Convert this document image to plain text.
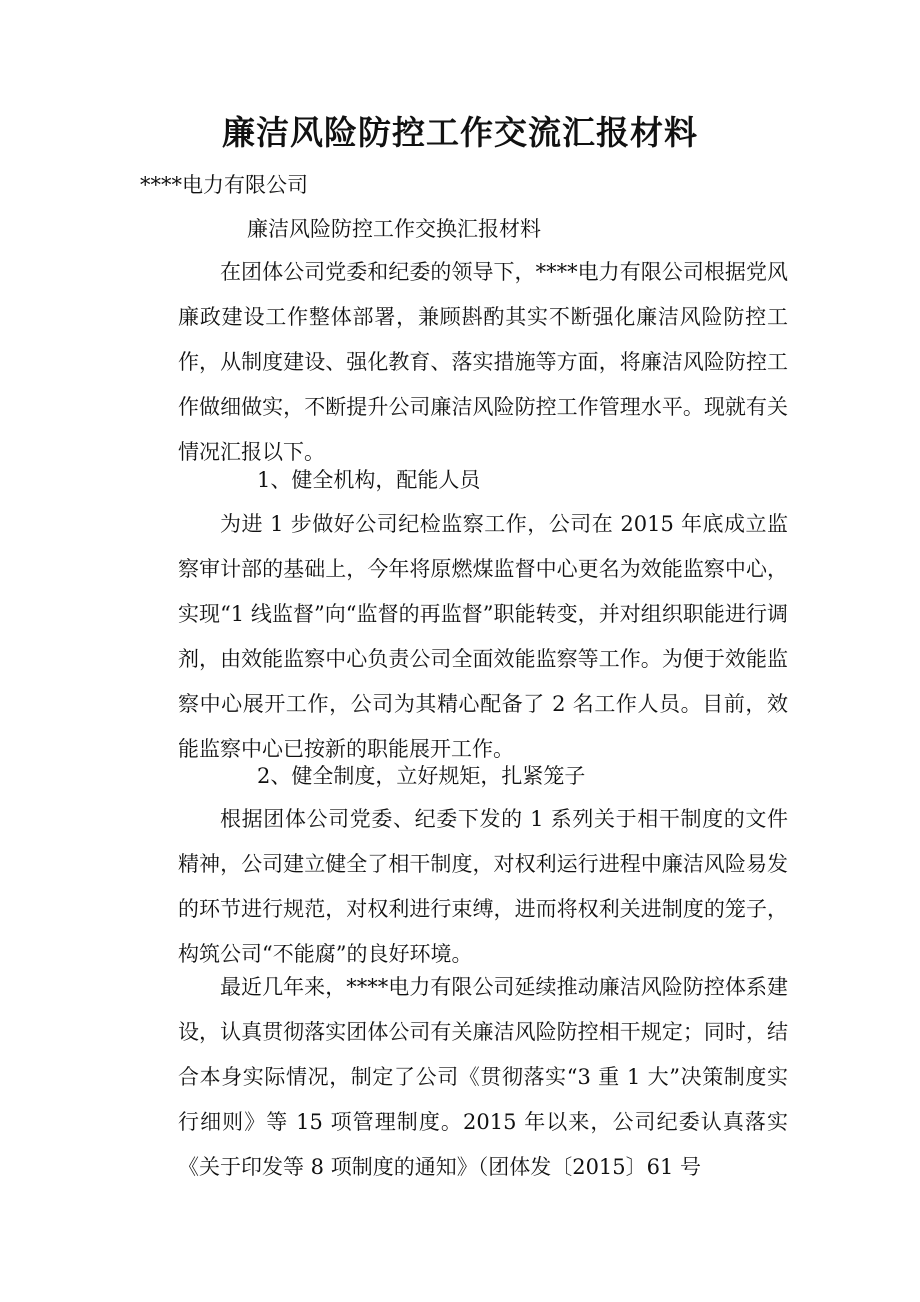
廉洁风险防控工作交流汇报材料
****电力有限公司
廉洁风险防控工作交换汇报材料
在团体公司党委和纪委的领导下，****电力有限公司根据党风廉政建设工作整体部署，兼顾斟酌其实不断强化廉洁风险防控工作，从制度建设、强化教育、落实措施等方面，将廉洁风险防控工作做细做实，不断提升公司廉洁风险防控工作管理水平。现就有关情况汇报以下。
1、健全机构，配能人员
为进 1 步做好公司纪检监察工作，公司在 2015 年底成立监察审计部的基础上，今年将原燃煤监督中心更名为效能监察中心，实现“1 线监督”向“监督的再监督”职能转变，并对组织职能进行调剂，由效能监察中心负责公司全面效能监察等工作。为便于效能监察中心展开工作，公司为其精心配备了 2 名工作人员。目前，效能监察中心已按新的职能展开工作。
2、健全制度，立好规矩，扎紧笼子
根据团体公司党委、纪委下发的 1 系列关于相干制度的文件精神，公司建立健全了相干制度，对权利运行进程中廉洁风险易发的环节进行规范，对权利进行束缚，进而将权利关进制度的笼子，构筑公司“不能腐”的良好环境。
最近几年来，****电力有限公司延续推动廉洁风险防控体系建设，认真贯彻落实团体公司有关廉洁风险防控相干规定；同时，结合本身实际情况，制定了公司《贯彻落实“3 重 1 大”决策制度实行细则》等 15 项管理制度。2015 年以来，公司纪委认真落实《关于印发等 8 项制度的通知》（团体发〔2015〕61 号
